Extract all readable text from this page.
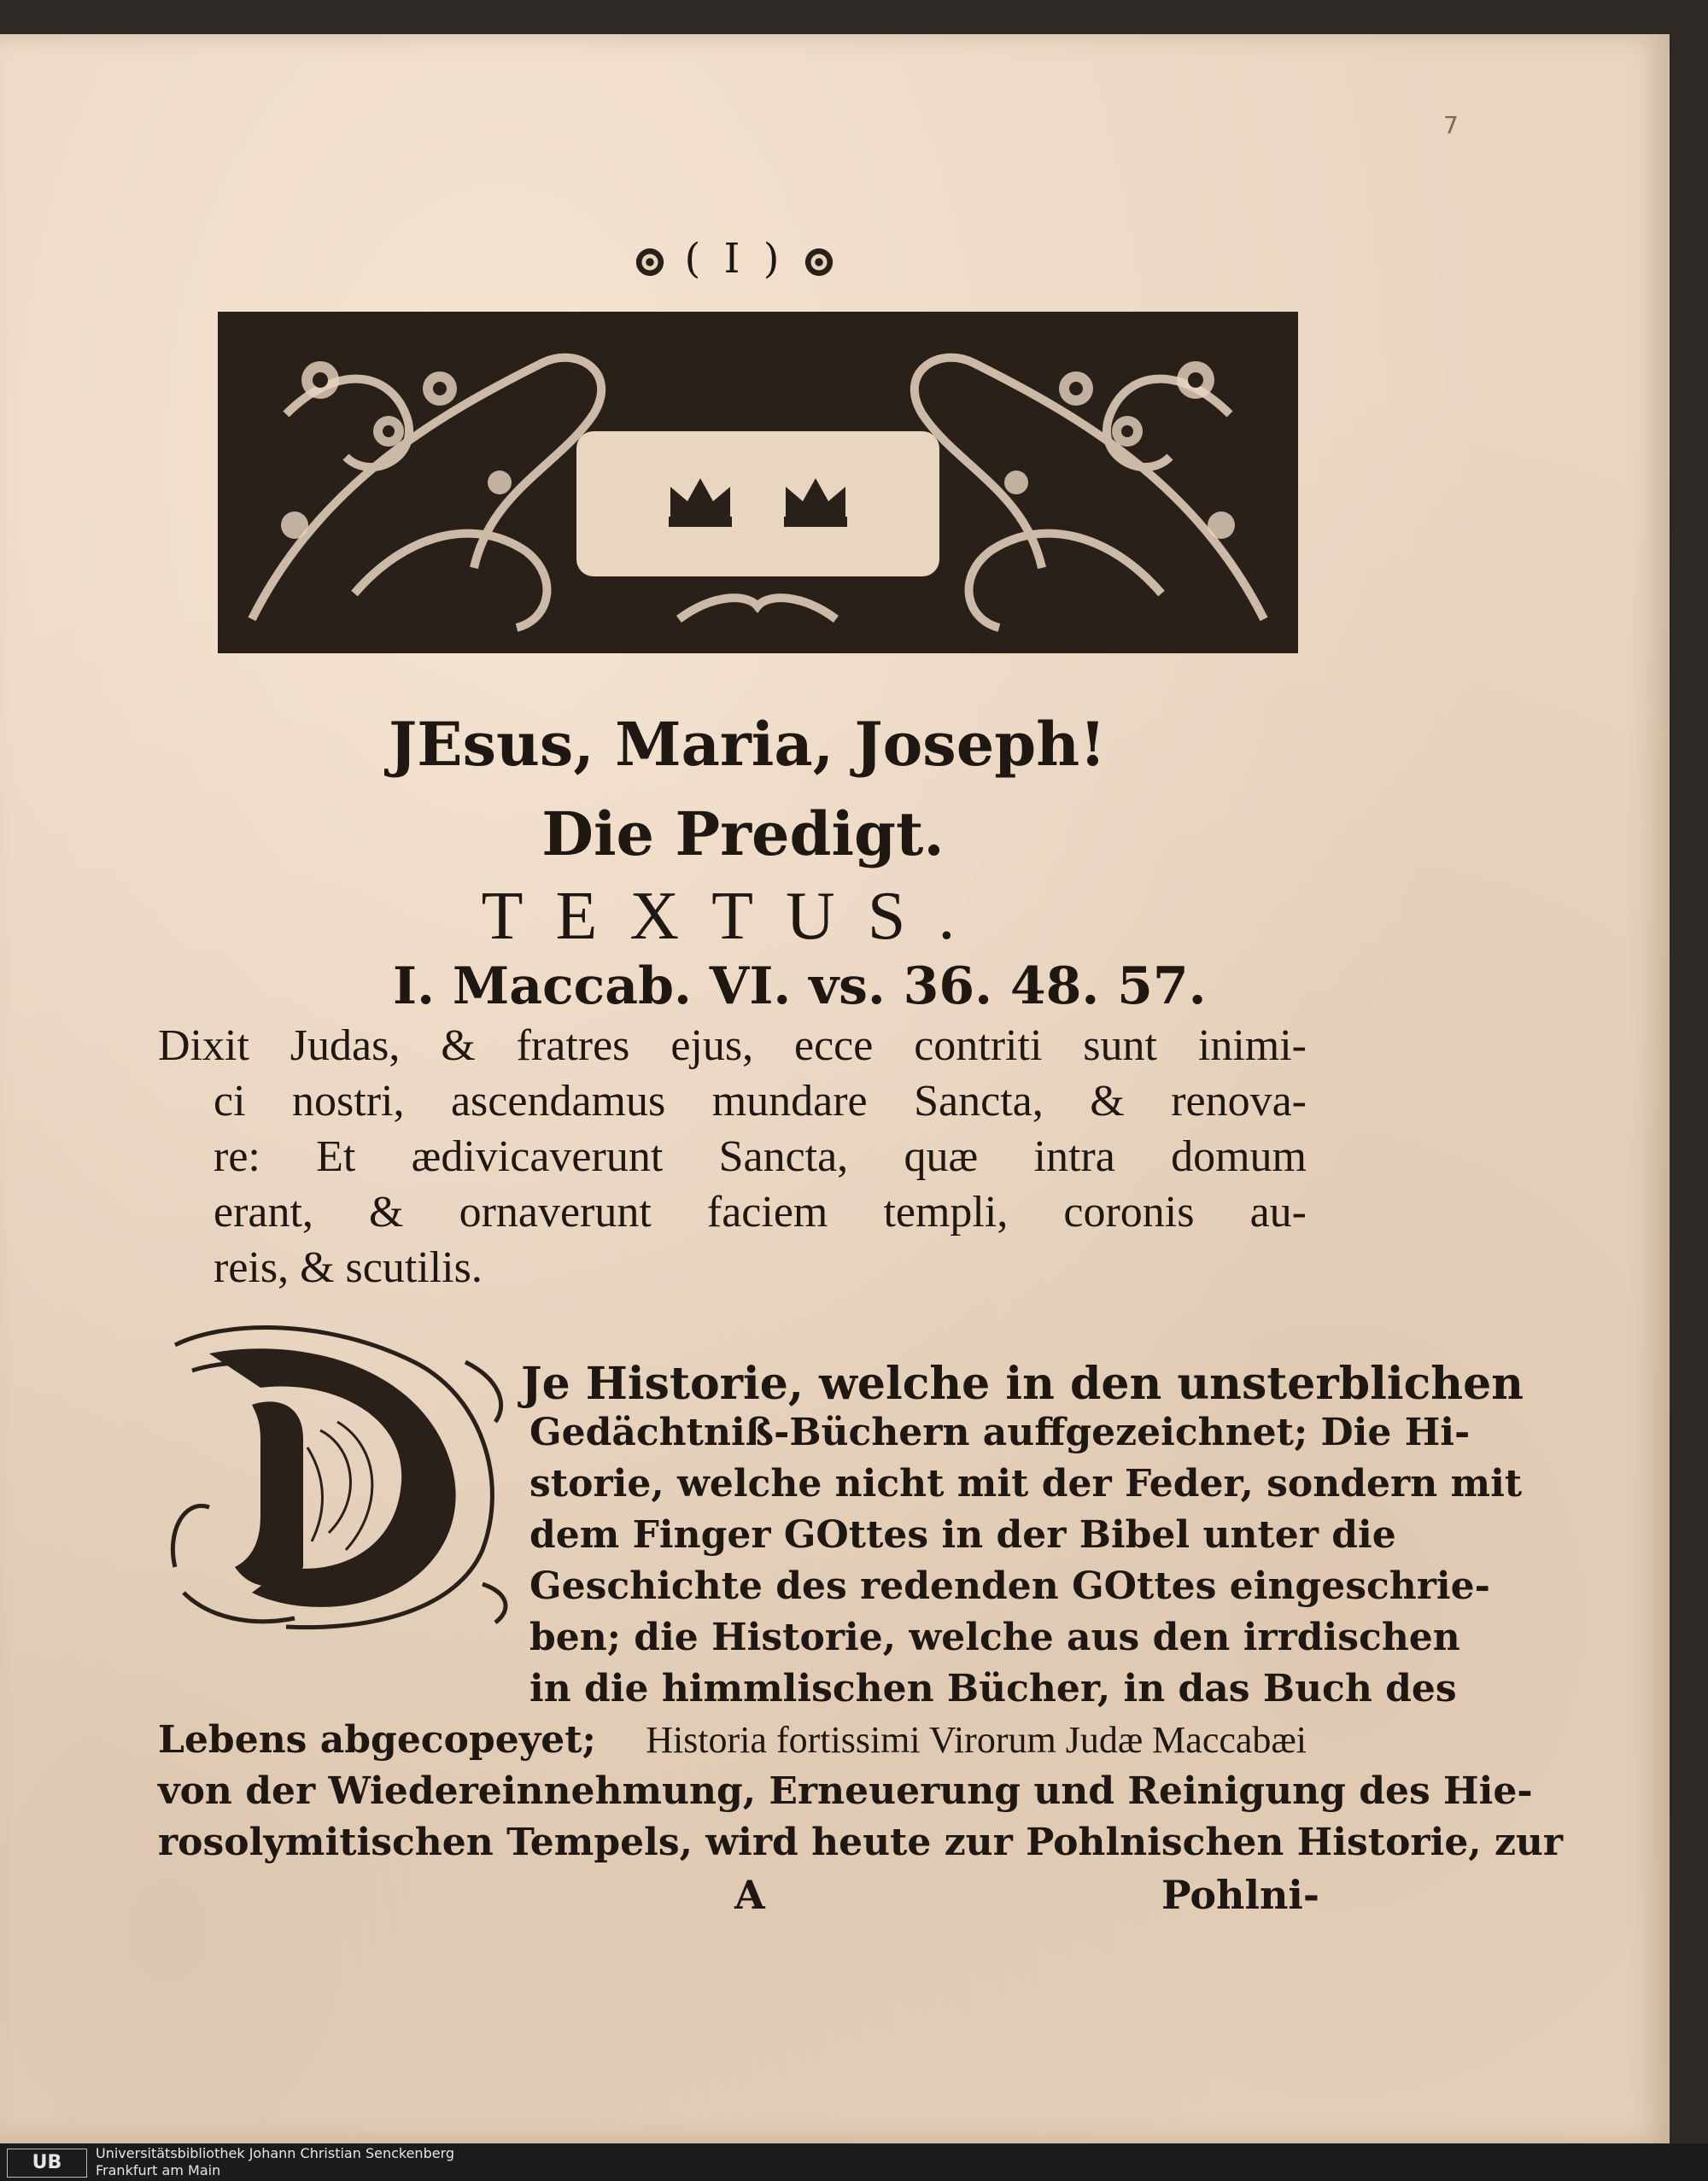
7
( I )
JEsus, Maria, Joseph!
Die Predigt.
TEXTUS.
I. Maccab. VI. vs. 36. 48. 57.
Dixit Judas, & fratres ejus, ecce contriti sunt inimi-
ci nostri, ascendamus mundare Sancta, & renova-
re: Et ædivicaverunt Sancta, quæ intra domum
erant, & ornaverunt faciem templi, coronis au-
reis, & scutilis.
Je Historie, welche in den unsterblichen
Gedächtniß-Büchern auffgezeichnet; Die Hi-
storie, welche nicht mit der Feder, sondern mit
dem Finger GOttes in der Bibel unter die
Geschichte des redenden GOttes eingeschrie-
ben; die Historie, welche aus den irrdischen
in die himmlischen Bücher, in das Buch des
Lebens abgecopeyet; Historia fortissimi Virorum Judæ Maccabæi
von der Wiedereinnehmung, Erneuerung und Reinigung des Hie-
rosolymitischen Tempels, wird heute zur Pohlnischen Historie, zur
A	Pohlni-
UB	Universitätsbibliothek Johann Christian Senckenberg
Frankfurt am Main
